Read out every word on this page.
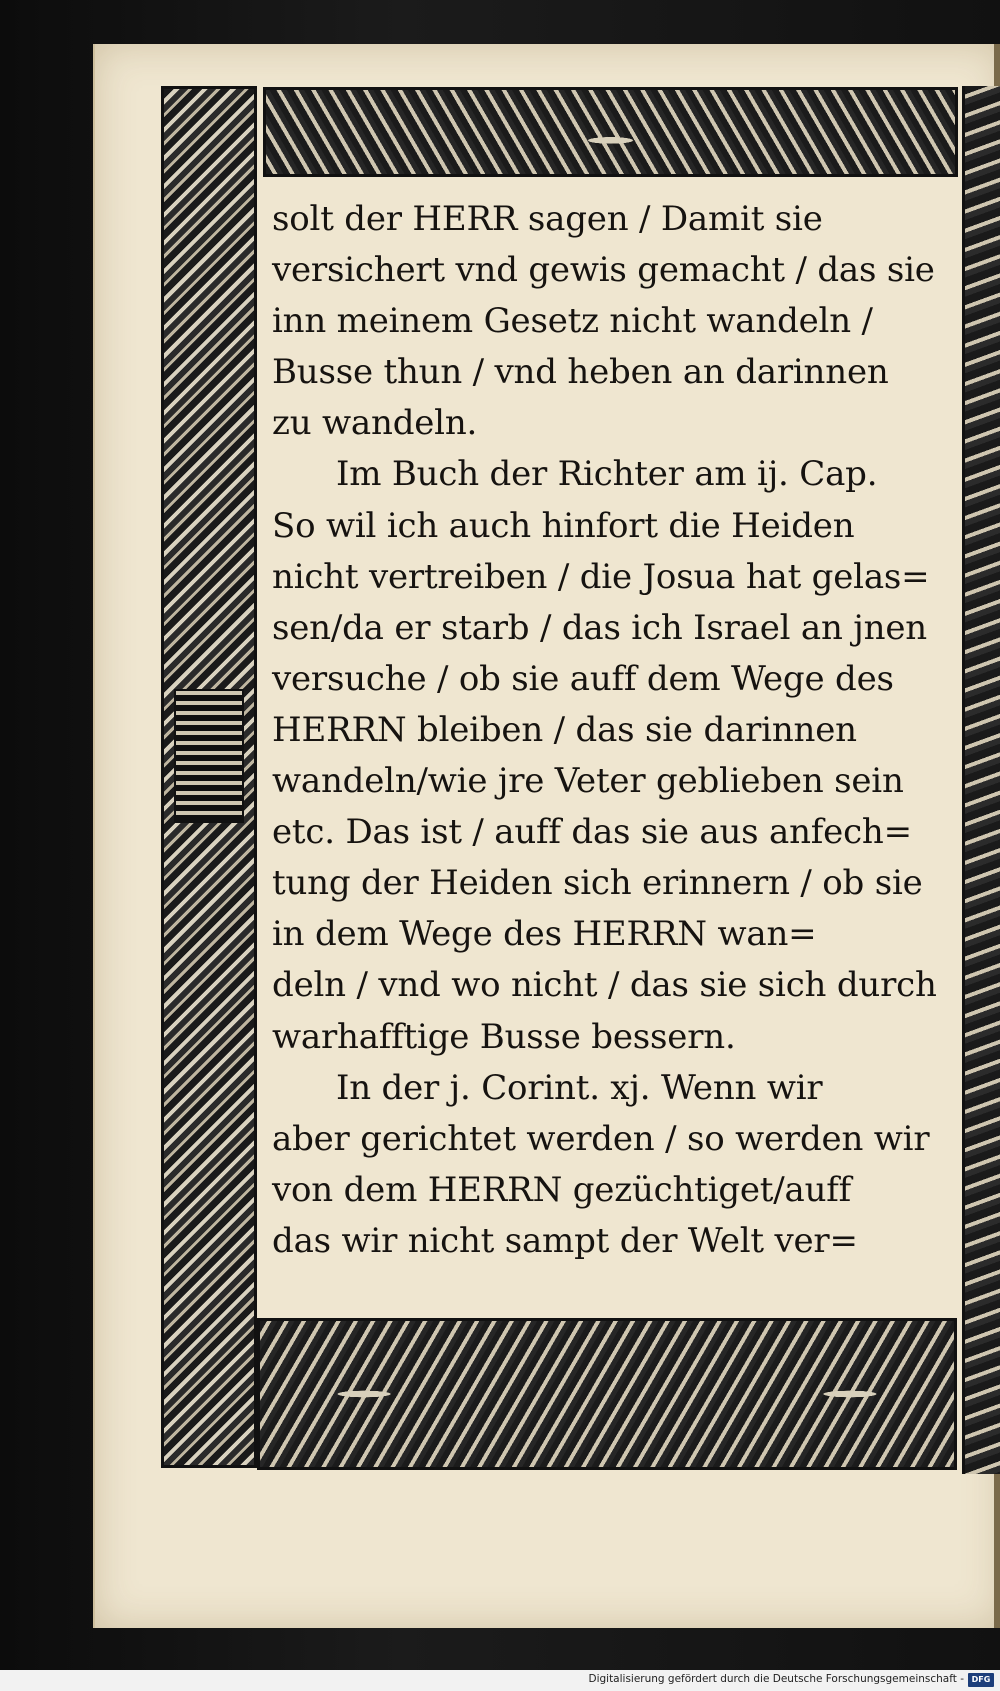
solt der HERR sagen / Damit sie
versichert vnd gewis gemacht / das sie
inn meinem Gesetz nicht wandeln /
Busse thun / vnd heben an darinnen
zu wandeln.
Im Buch der Richter am ij. Cap.
So wil ich auch hinfort die Heiden
nicht vertreiben / die Josua hat gelas=
sen/da er starb / das ich Israel an jnen
versuche / ob sie auff dem Wege des
HERRN bleiben / das sie darinnen
wandeln/wie jre Veter geblieben sein
etc. Das ist / auff das sie aus anfech=
tung der Heiden sich erinnern / ob sie
in dem Wege des HERRN wan=
deln / vnd wo nicht / das sie sich durch
warhafftige Busse bessern.
In der j. Corint. xj. Wenn wir
aber gerichtet werden / so werden wir
von dem HERRN gezüchtiget/auff
das wir nicht sampt der Welt ver=
Digitalisierung gefördert durch die Deutsche Forschungsgemeinschaft - DFG
